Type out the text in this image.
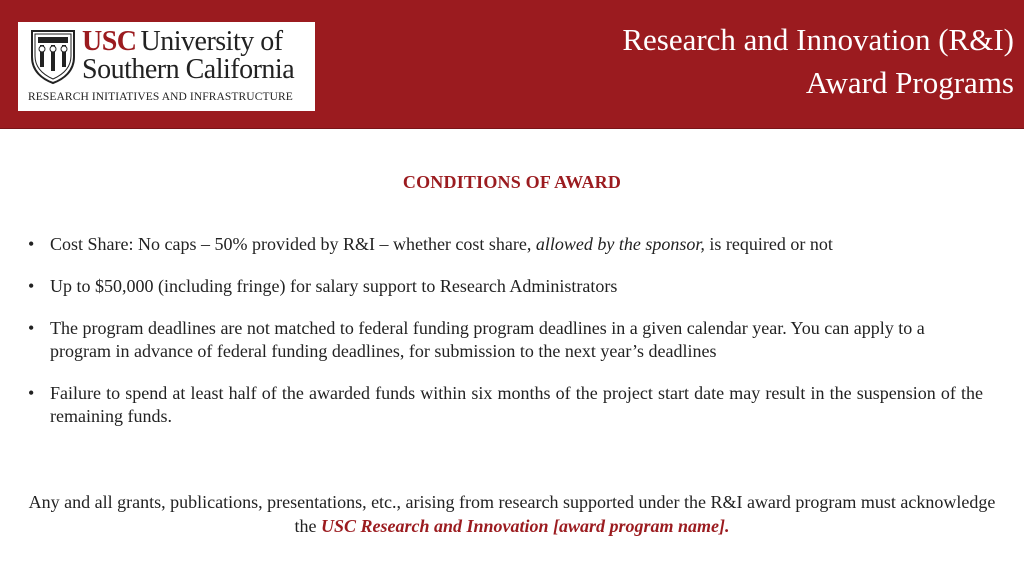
USC University of
Southern California
RESEARCH INITIATIVES AND INFRASTRUCTURE
Research and Innovation (R&I)
Award Programs
CONDITIONS OF AWARD
• Cost Share: No caps – 50% provided by R&I – whether cost share, allowed by the sponsor, is required or not
• Up to $50,000 (including fringe) for salary support to Research Administrators
• The program deadlines are not matched to federal funding program deadlines in a given calendar year. You can apply to a program in advance of federal funding deadlines, for submission to the next year’s deadlines
• Failure to spend at least half of the awarded funds within six months of the project start date may result in the suspension of the remaining funds.
Any and all grants, publications, presentations, etc., arising from research supported under the R&I award program must acknowledge the USC Research and Innovation [award program name].
